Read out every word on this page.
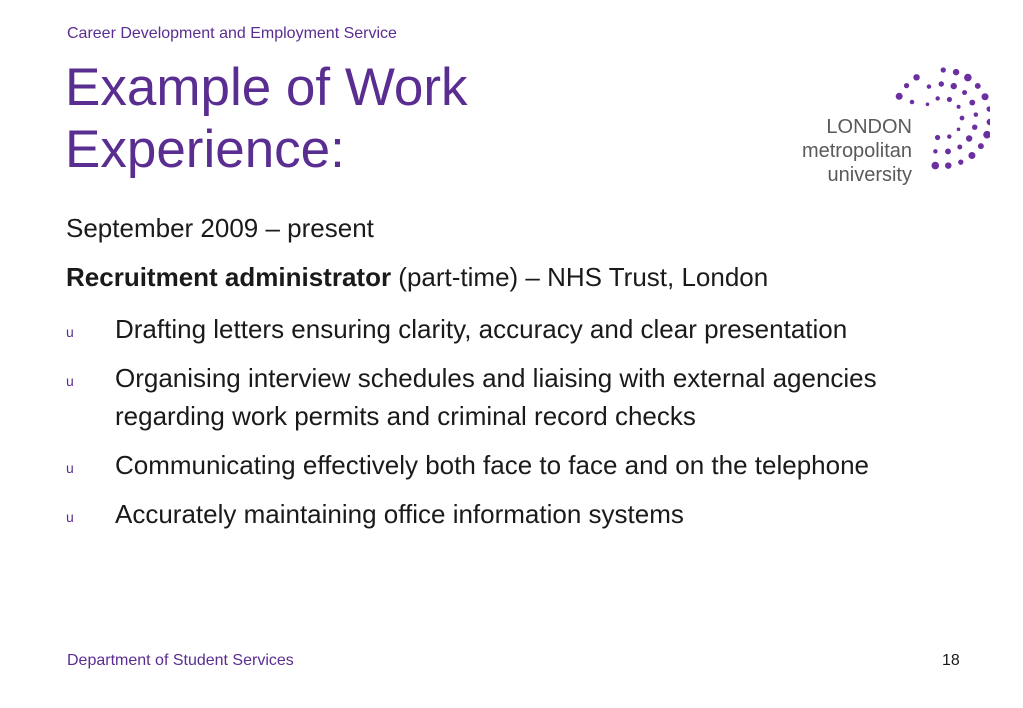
Career Development and Employment Service
Example of Work
Experience:	LONDON
metropolitan
university
September 2009 – present
Recruitment administrator (part-time) – NHS Trust, London
u Drafting letters ensuring clarity, accuracy and clear presentation
u Organising interview schedules and liaising with external agencies regarding work permits and criminal record checks
u Communicating effectively both face to face and on the telephone
u Accurately maintaining office information systems
Department of Student Services	18
